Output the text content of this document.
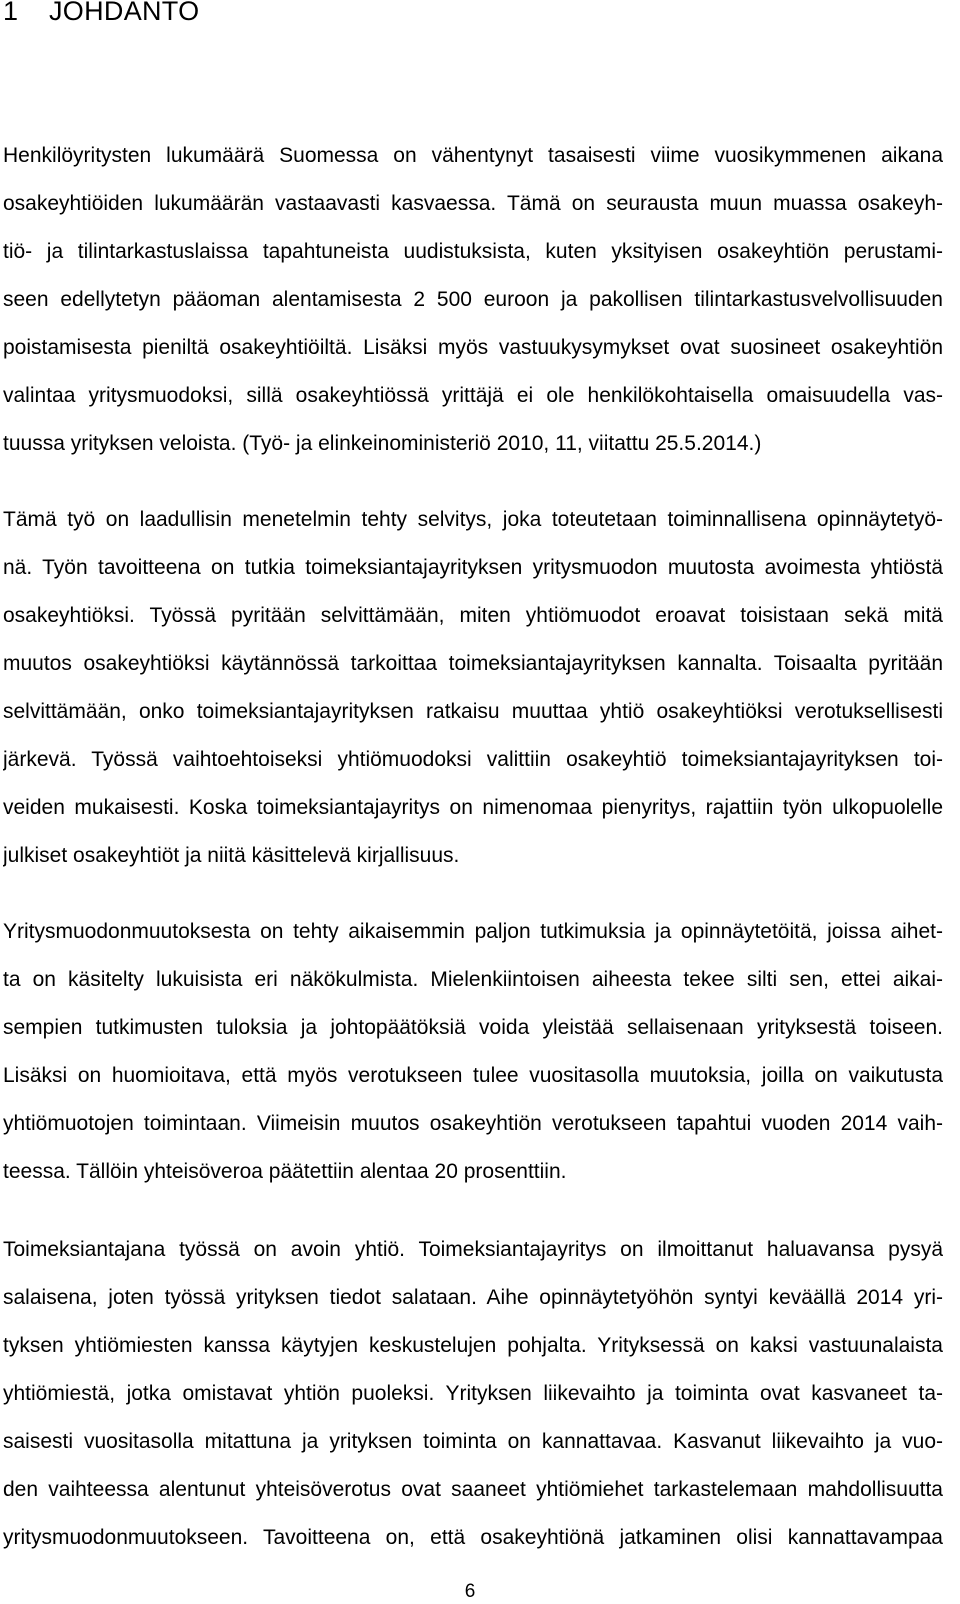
1 JOHDANTO
Henkilöyritysten lukumäärä Suomessa on vähentynyt tasaisesti viime vuosikymmenen aikana
osakeyhtiöiden lukumäärän vastaavasti kasvaessa. Tämä on seurausta muun muassa osakeyh-
tiö- ja tilintarkastuslaissa tapahtuneista uudistuksista, kuten yksityisen osakeyhtiön perustami-
seen edellytetyn pääoman alentamisesta 2 500 euroon ja pakollisen tilintarkastusvelvollisuuden
poistamisesta pieniltä osakeyhtiöiltä. Lisäksi myös vastuukysymykset ovat suosineet osakeyhtiön
valintaa yritysmuodoksi, sillä osakeyhtiössä yrittäjä ei ole henkilökohtaisella omaisuudella vas-
tuussa yrityksen veloista. (Työ- ja elinkeinoministeriö 2010, 11, viitattu 25.5.2014.)
Tämä työ on laadullisin menetelmin tehty selvitys, joka toteutetaan toiminnallisena opinnäytetyö-
nä. Työn tavoitteena on tutkia toimeksiantajayrityksen yritysmuodon muutosta avoimesta yhtiöstä
osakeyhtiöksi. Työssä pyritään selvittämään, miten yhtiömuodot eroavat toisistaan sekä mitä
muutos osakeyhtiöksi käytännössä tarkoittaa toimeksiantajayrityksen kannalta. Toisaalta pyritään
selvittämään, onko toimeksiantajayrityksen ratkaisu muuttaa yhtiö osakeyhtiöksi verotuksellisesti
järkevä. Työssä vaihtoehtoiseksi yhtiömuodoksi valittiin osakeyhtiö toimeksiantajayrityksen toi-
veiden mukaisesti. Koska toimeksiantajayritys on nimenomaa pienyritys, rajattiin työn ulkopuolelle
julkiset osakeyhtiöt ja niitä käsittelevä kirjallisuus.
Yritysmuodonmuutoksesta on tehty aikaisemmin paljon tutkimuksia ja opinnäytetöitä, joissa aihet-
ta on käsitelty lukuisista eri näkökulmista. Mielenkiintoisen aiheesta tekee silti sen, ettei aikai-
sempien tutkimusten tuloksia ja johtopäätöksiä voida yleistää sellaisenaan yrityksestä toiseen.
Lisäksi on huomioitava, että myös verotukseen tulee vuositasolla muutoksia, joilla on vaikutusta
yhtiömuotojen toimintaan. Viimeisin muutos osakeyhtiön verotukseen tapahtui vuoden 2014 vaih-
teessa. Tällöin yhteisöveroa päätettiin alentaa 20 prosenttiin.
Toimeksiantajana työssä on avoin yhtiö. Toimeksiantajayritys on ilmoittanut haluavansa pysyä
salaisena, joten työssä yrityksen tiedot salataan. Aihe opinnäytetyöhön syntyi keväällä 2014 yri-
tyksen yhtiömiesten kanssa käytyjen keskustelujen pohjalta. Yrityksessä on kaksi vastuunalaista
yhtiömiestä, jotka omistavat yhtiön puoleksi. Yrityksen liikevaihto ja toiminta ovat kasvaneet ta-
saisesti vuositasolla mitattuna ja yrityksen toiminta on kannattavaa. Kasvanut liikevaihto ja vuo-
den vaihteessa alentunut yhteisöverotus ovat saaneet yhtiömiehet tarkastelemaan mahdollisuutta
yritysmuodonmuutokseen. Tavoitteena on, että osakeyhtiönä jatkaminen olisi kannattavampaa
6
